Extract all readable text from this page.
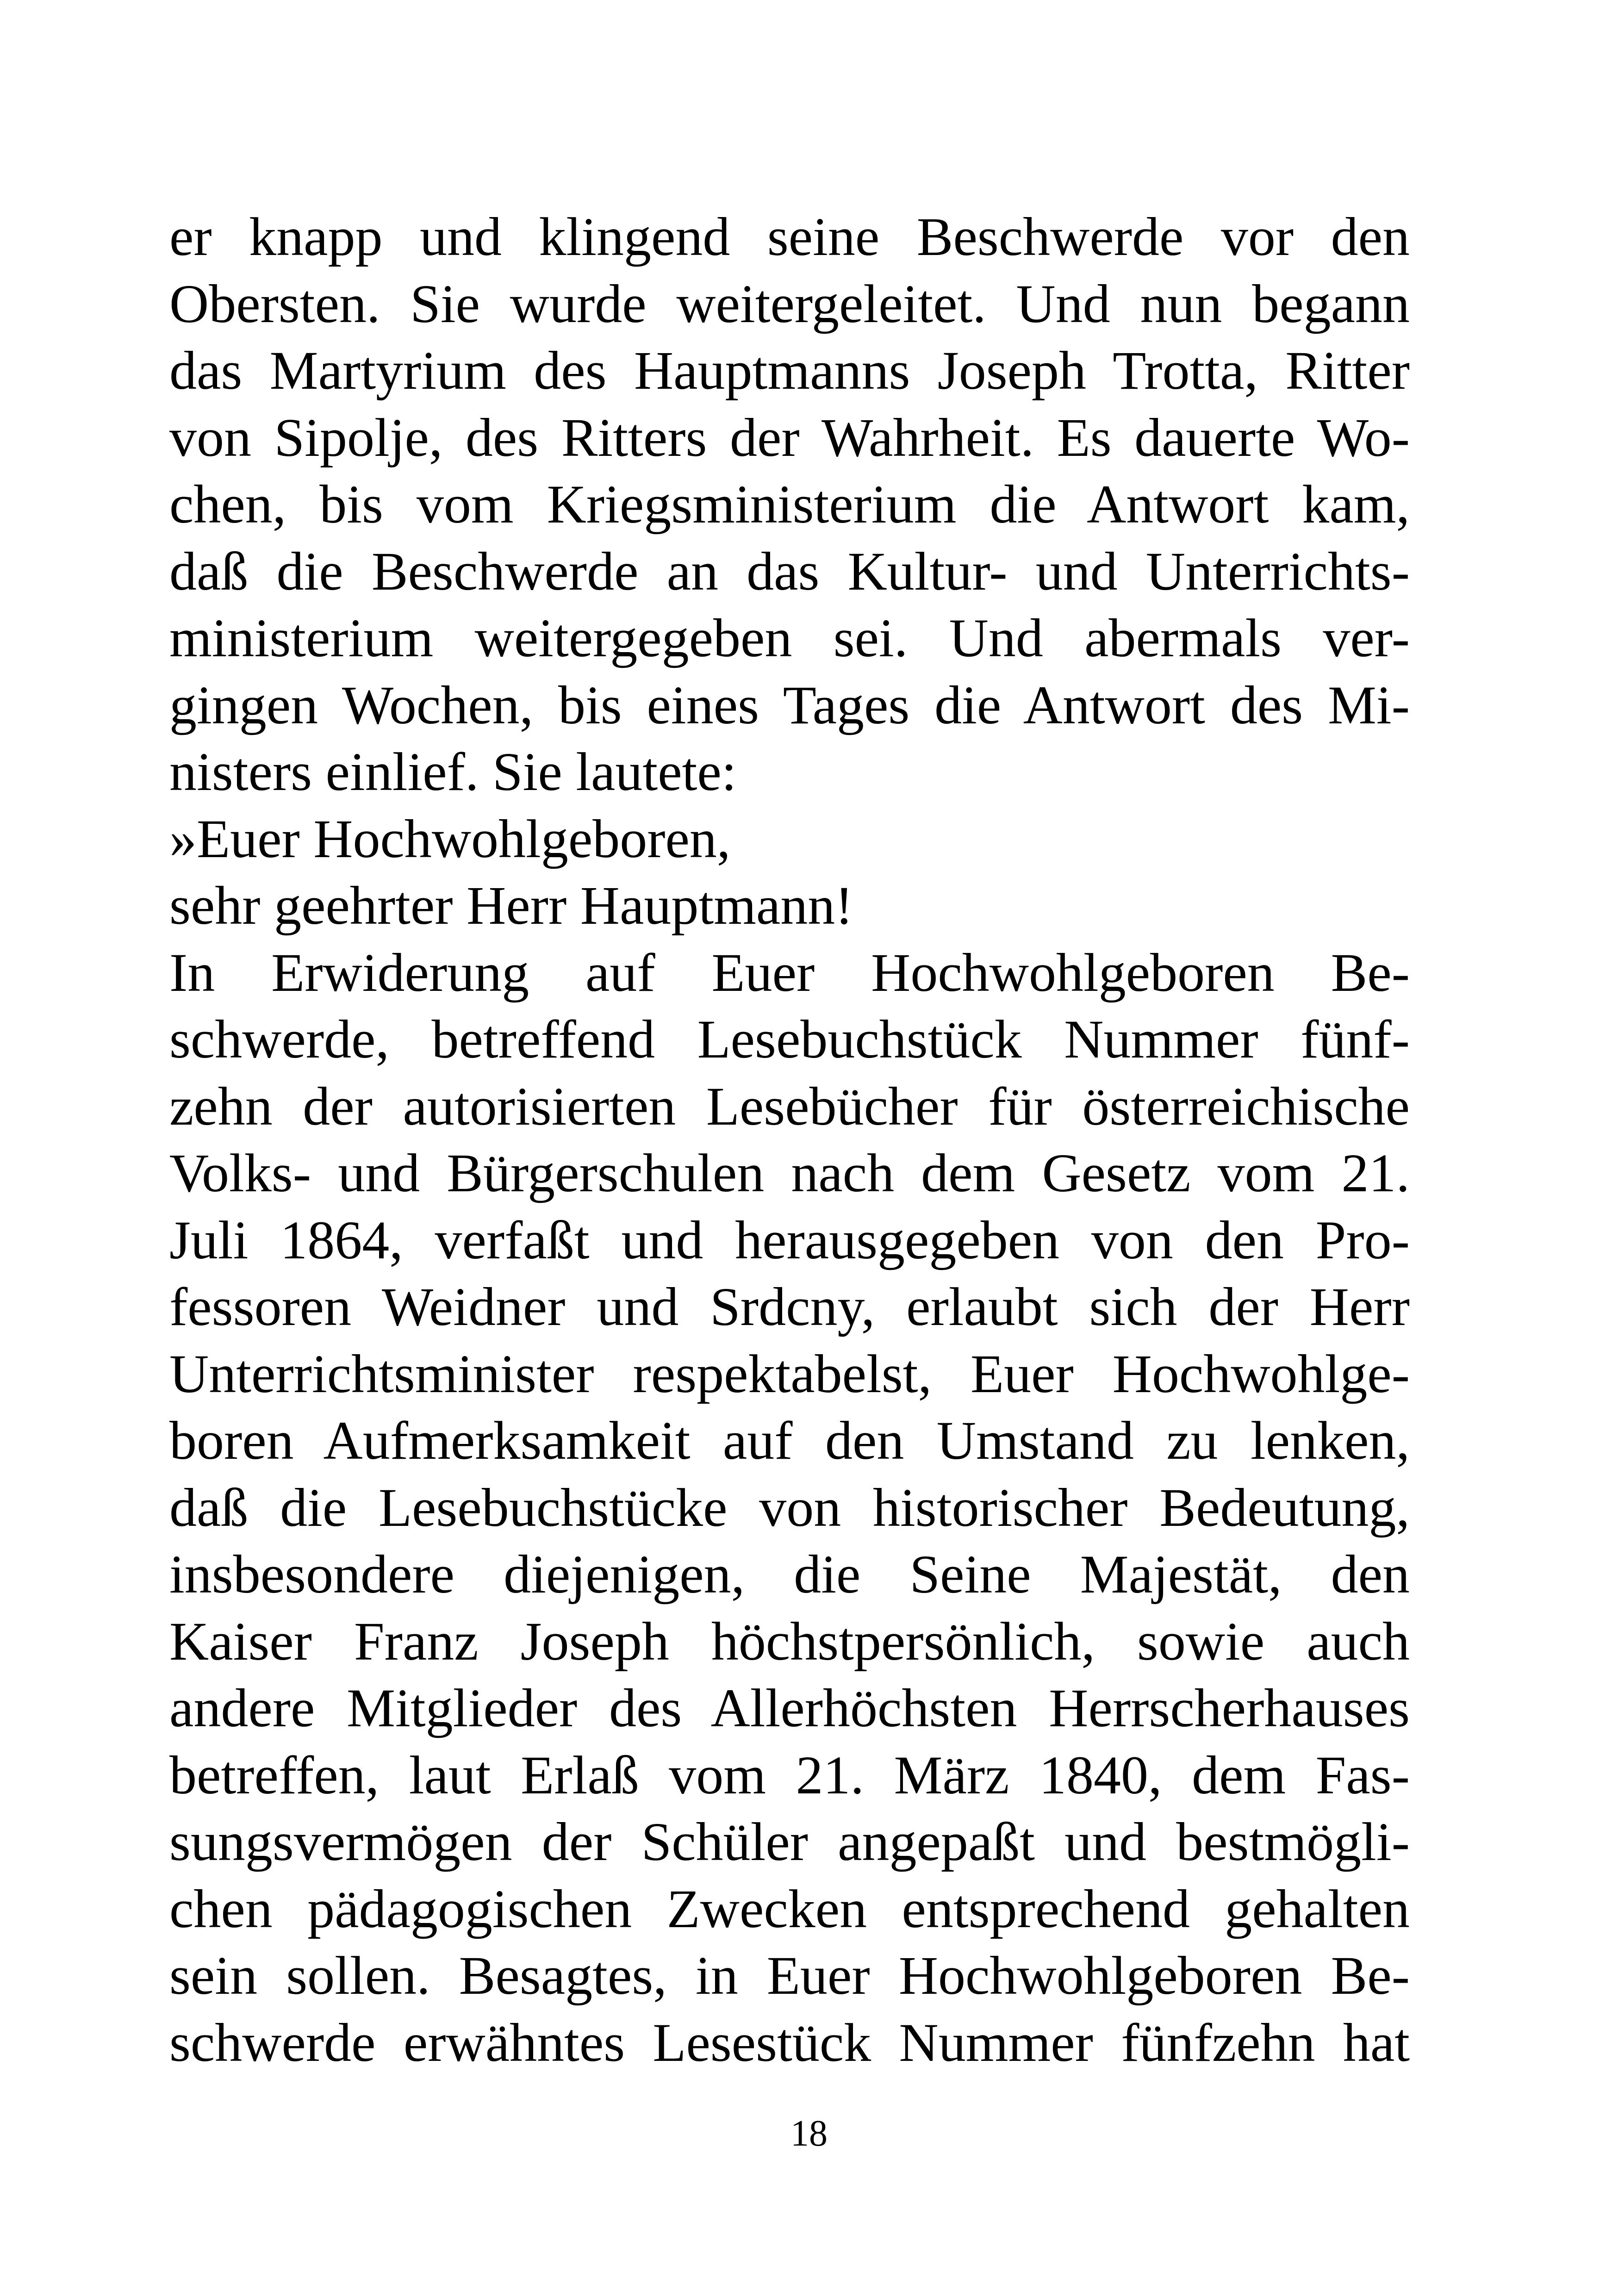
er knapp und klingend seine Beschwerde vor den
Obersten. Sie wurde weitergeleitet. Und nun begann
das Martyrium des Hauptmanns Joseph Trotta, Ritter
von Sipolje, des Ritters der Wahrheit. Es dauerte Wo-
chen, bis vom Kriegsministerium die Antwort kam,
daß die Beschwerde an das Kultur- und Unterrichts-
ministerium weitergegeben sei. Und abermals ver-
gingen Wochen, bis eines Tages die Antwort des Mi-
nisters einlief. Sie lautete:
»Euer Hochwohlgeboren,
sehr geehrter Herr Hauptmann!
In Erwiderung auf Euer Hochwohlgeboren Be-
schwerde, betreffend Lesebuchstück Nummer fünf-
zehn der autorisierten Lesebücher für österreichische
Volks- und Bürgerschulen nach dem Gesetz vom 21.
Juli 1864, verfaßt und herausgegeben von den Pro-
fessoren Weidner und Srdcny, erlaubt sich der Herr
Unterrichtsminister respektabelst, Euer Hochwohlge-
boren Aufmerksamkeit auf den Umstand zu lenken,
daß die Lesebuchstücke von historischer Bedeutung,
insbesondere diejenigen, die Seine Majestät, den
Kaiser Franz Joseph höchstpersönlich, sowie auch
andere Mitglieder des Allerhöchsten Herrscherhauses
betreffen, laut Erlaß vom 21. März 1840, dem Fas-
sungsvermögen der Schüler angepaßt und bestmögli-
chen pädagogischen Zwecken entsprechend gehalten
sein sollen. Besagtes, in Euer Hochwohlgeboren Be-
schwerde erwähntes Lesestück Nummer fünfzehn hat
18
